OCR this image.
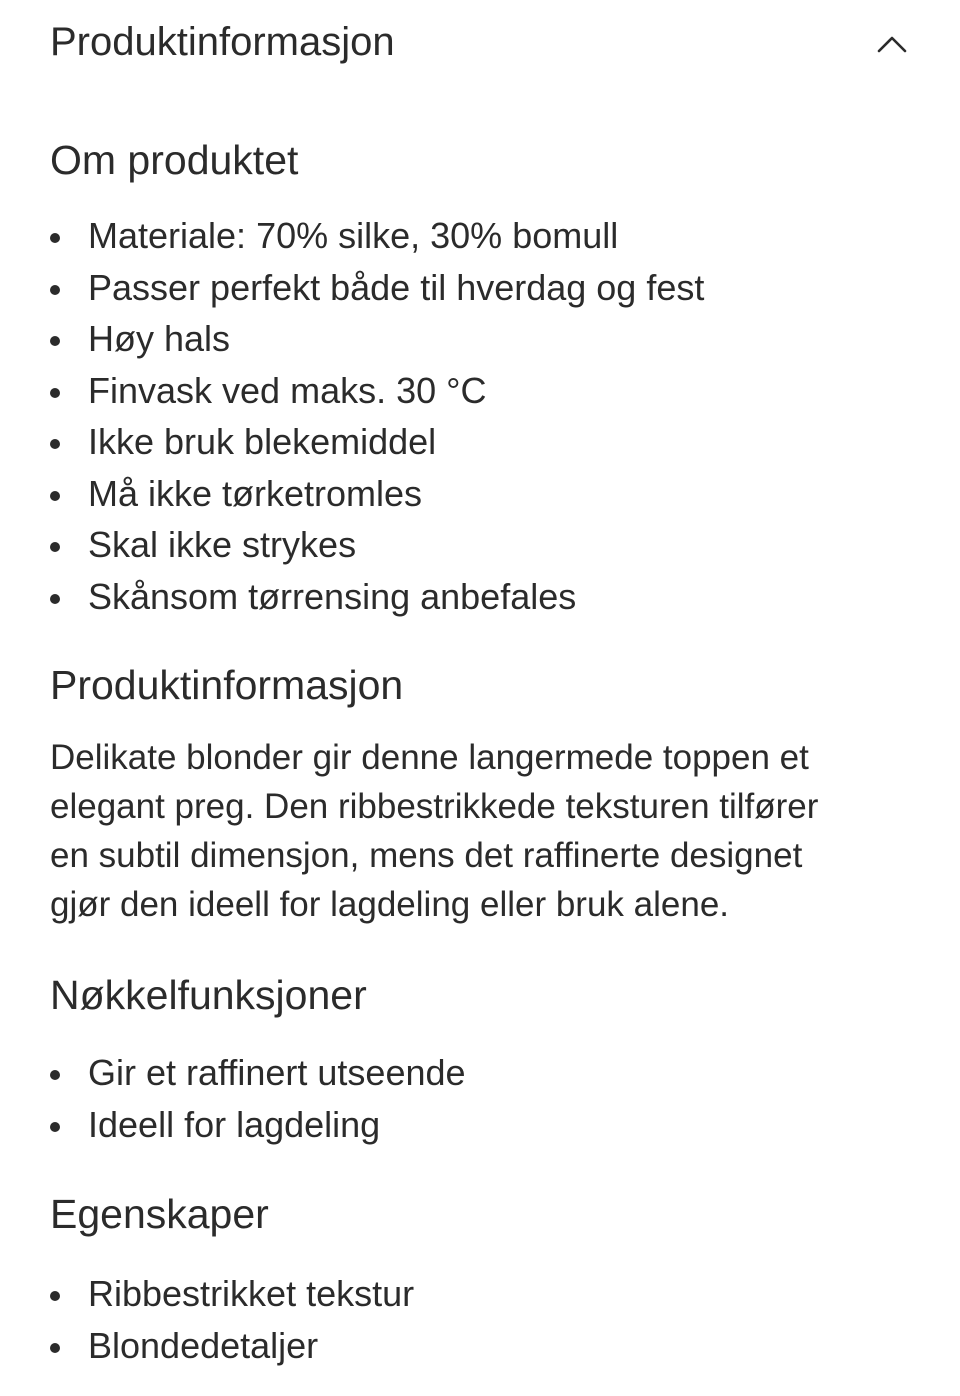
Produktinformasjon
Om produktet
Materiale: 70% silke, 30% bomull
Passer perfekt både til hverdag og fest
Høy hals
Finvask ved maks. 30 °C
Ikke bruk blekemiddel
Må ikke tørketromles
Skal ikke strykes
Skånsom tørrensing anbefales
Produktinformasjon

Delikate blonder gir denne langermede toppen et
elegant preg. Den ribbestrikkede teksturen tilfører
en subtil dimensjon, mens det raffinerte designet
gjør den ideell for lagdeling eller bruk alene.

Nøkkelfunksjoner
Gir et raffinert utseende
Ideell for lagdeling
Egenskaper
Ribbestrikket tekstur
Blondedetaljer
